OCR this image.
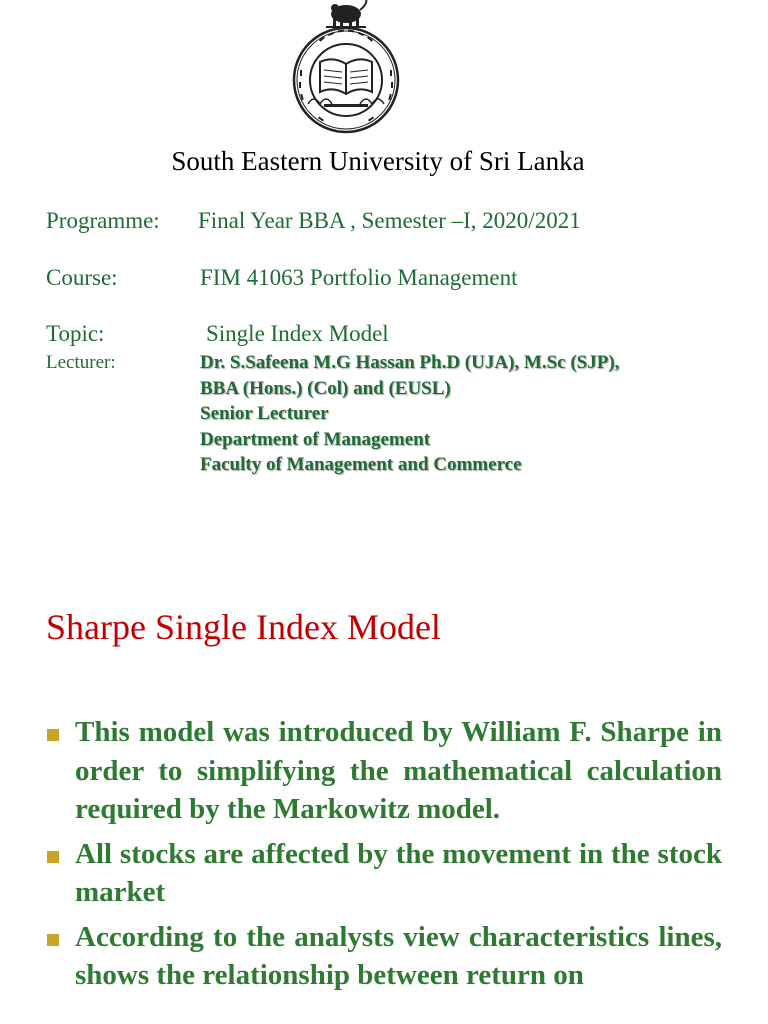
South Eastern University of Sri Lanka
Programme: Final Year BBA , Semester –I, 2020/2021
Course:	FIM 41063 Portfolio Management
Topic:	Single Index Model
Lecturer:	Dr. S.Safeena M.G Hassan Ph.D (UJA), M.Sc (SJP),
BBA (Hons.) (Col) and (EUSL)
Senior Lecturer
Department of Management
Faculty of Management and Commerce
Sharpe Single Index Model
This model was introduced by William F. Sharpe in order to simplifying the mathematical calculation required by the Markowitz model.
All stocks are affected by the movement in the stock market
According to the analysts view characteristics lines, shows the relationship between return on
